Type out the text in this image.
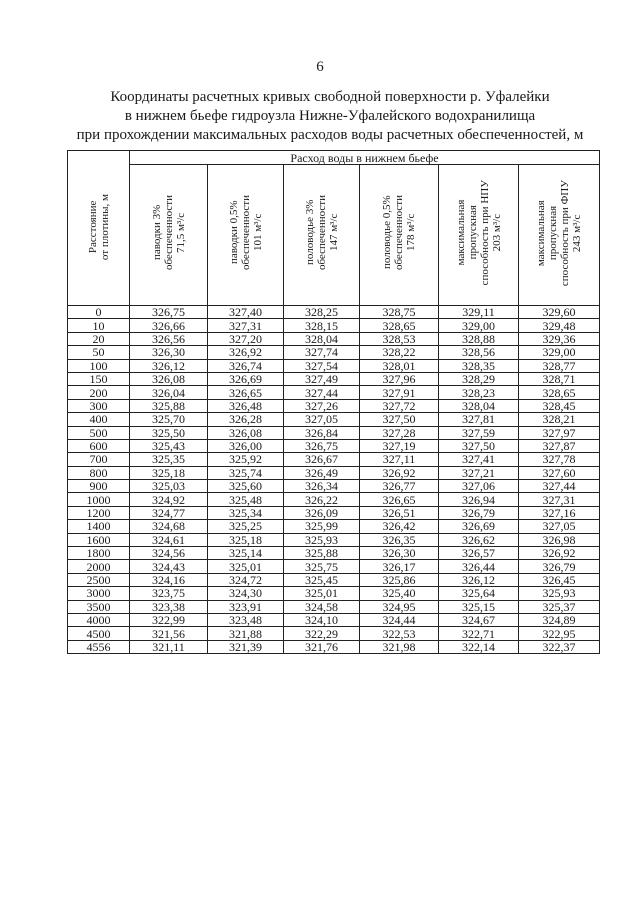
6
Координаты расчетных кривых свободной поверхности р. Уфалейки
в нижнем бьефе гидроузла Нижне-Уфалейского водохранилища
при прохождении максимальных расходов воды расчетных обеспеченностей, м
Расстояние
от плотины, м	Расход воды в нижнем бьефе					
	паводки 3%
обеспеченности
71,5 м³/с	паводки 0,5%
обеспеченности
101 м³/с	половодье 3%
обеспеченности
147 м³/с	половодье 0,5%
обеспеченности
178 м³/с	максимальная
пропускная
способность при НПУ
203 м³/с	максимальная
пропускная
способность при ФПУ
243 м³/с
0	326,75	327,40	328,25	328,75	329,11	329,60
10	326,66	327,31	328,15	328,65	329,00	329,48
20	326,56	327,20	328,04	328,53	328,88	329,36
50	326,30	326,92	327,74	328,22	328,56	329,00
100	326,12	326,74	327,54	328,01	328,35	328,77
150	326,08	326,69	327,49	327,96	328,29	328,71
200	326,04	326,65	327,44	327,91	328,23	328,65
300	325,88	326,48	327,26	327,72	328,04	328,45
400	325,70	326,28	327,05	327,50	327,81	328,21
500	325,50	326,08	326,84	327,28	327,59	327,97
600	325,43	326,00	326,75	327,19	327,50	327,87
700	325,35	325,92	326,67	327,11	327,41	327,78
800	325,18	325,74	326,49	326,92	327,21	327,60
900	325,03	325,60	326,34	326,77	327,06	327,44
1000	324,92	325,48	326,22	326,65	326,94	327,31
1200	324,77	325,34	326,09	326,51	326,79	327,16
1400	324,68	325,25	325,99	326,42	326,69	327,05
1600	324,61	325,18	325,93	326,35	326,62	326,98
1800	324,56	325,14	325,88	326,30	326,57	326,92
2000	324,43	325,01	325,75	326,17	326,44	326,79
2500	324,16	324,72	325,45	325,86	326,12	326,45
3000	323,75	324,30	325,01	325,40	325,64	325,93
3500	323,38	323,91	324,58	324,95	325,15	325,37
4000	322,99	323,48	324,10	324,44	324,67	324,89
4500	321,56	321,88	322,29	322,53	322,71	322,95
4556	321,11	321,39	321,76	321,98	322,14	322,37
